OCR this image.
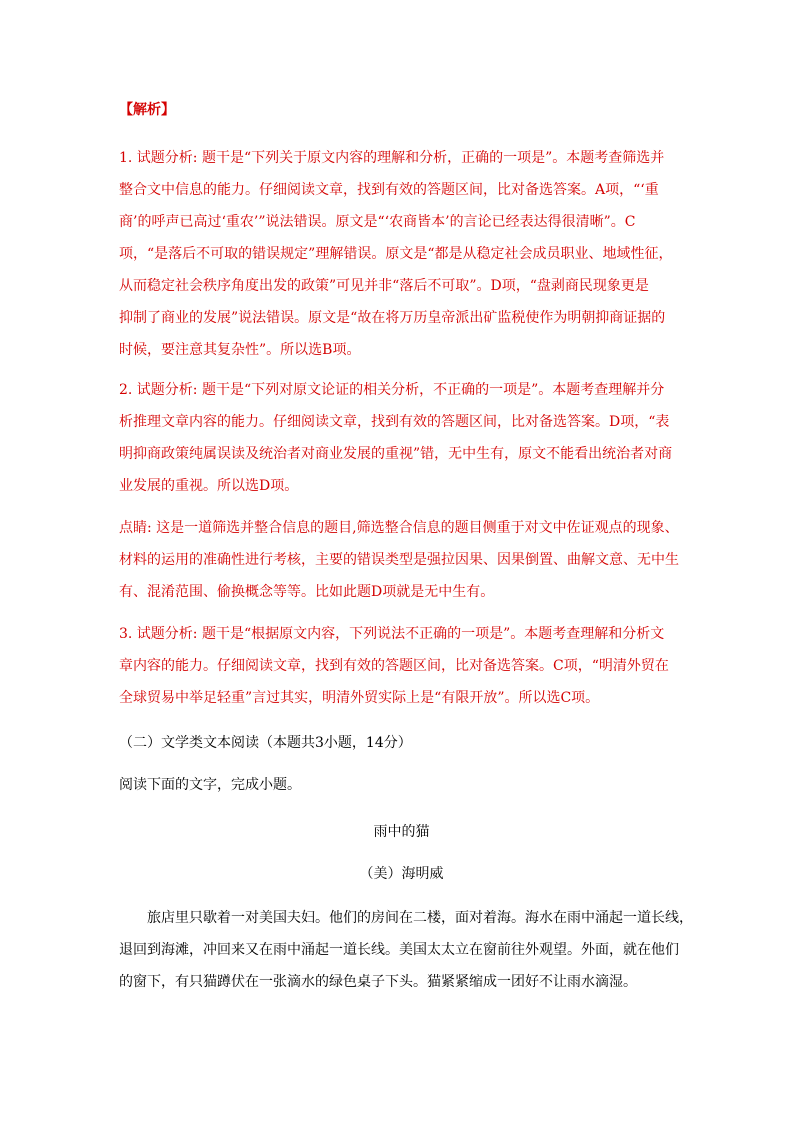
【解析】
1. 试题分析: 题干是“下列关于原文内容的理解和分析，正确的一项是”。本题考查筛选并
整合文中信息的能力。仔细阅读文章，找到有效的答题区间，比对备选答案。A项，“‘重
商’的呼声已高过‘重农’”说法错误。原文是“‘农商皆本’的言论已经表达得很清晰”。C
项，“是落后不可取的错误规定”理解错误。原文是“都是从稳定社会成员职业、地域性征，
从而稳定社会秩序角度出发的政策”可见并非“落后不可取”。D项，“盘剥商民现象更是
抑制了商业的发展”说法错误。原文是“故在将万历皇帝派出矿监税使作为明朝抑商证据的
时候，要注意其复杂性”。所以选B项。
2. 试题分析: 题干是“下列对原文论证的相关分析，不正确的一项是”。本题考查理解并分
析推理文章内容的能力。仔细阅读文章，找到有效的答题区间，比对备选答案。D项，“表
明抑商政策纯属误读及统治者对商业发展的重视”错，无中生有，原文不能看出统治者对商
业发展的重视。所以选D项。
点睛: 这是一道筛选并整合信息的题目,筛选整合信息的题目侧重于对文中佐证观点的现象、
材料的运用的准确性进行考核，主要的错误类型是强拉因果、因果倒置、曲解文意、无中生
有、混淆范围、偷换概念等等。比如此题D项就是无中生有。
3. 试题分析: 题干是“根据原文内容，下列说法不正确的一项是”。本题考查理解和分析文
章内容的能力。仔细阅读文章，找到有效的答题区间，比对备选答案。C项，“明清外贸在
全球贸易中举足轻重”言过其实，明清外贸实际上是“有限开放”。所以选C项。
（二）文学类文本阅读（本题共3小题，14分）
阅读下面的文字，完成小题。
雨中的猫
（美）海明威
旅店里只歇着一对美国夫妇。他们的房间在二楼，面对着海。海水在雨中涌起一道长线，
退回到海滩，冲回来又在雨中涌起一道长线。美国太太立在窗前往外观望。外面，就在他们
的窗下，有只猫蹲伏在一张滴水的绿色桌子下头。猫紧紧缩成一团好不让雨水滴湿。
